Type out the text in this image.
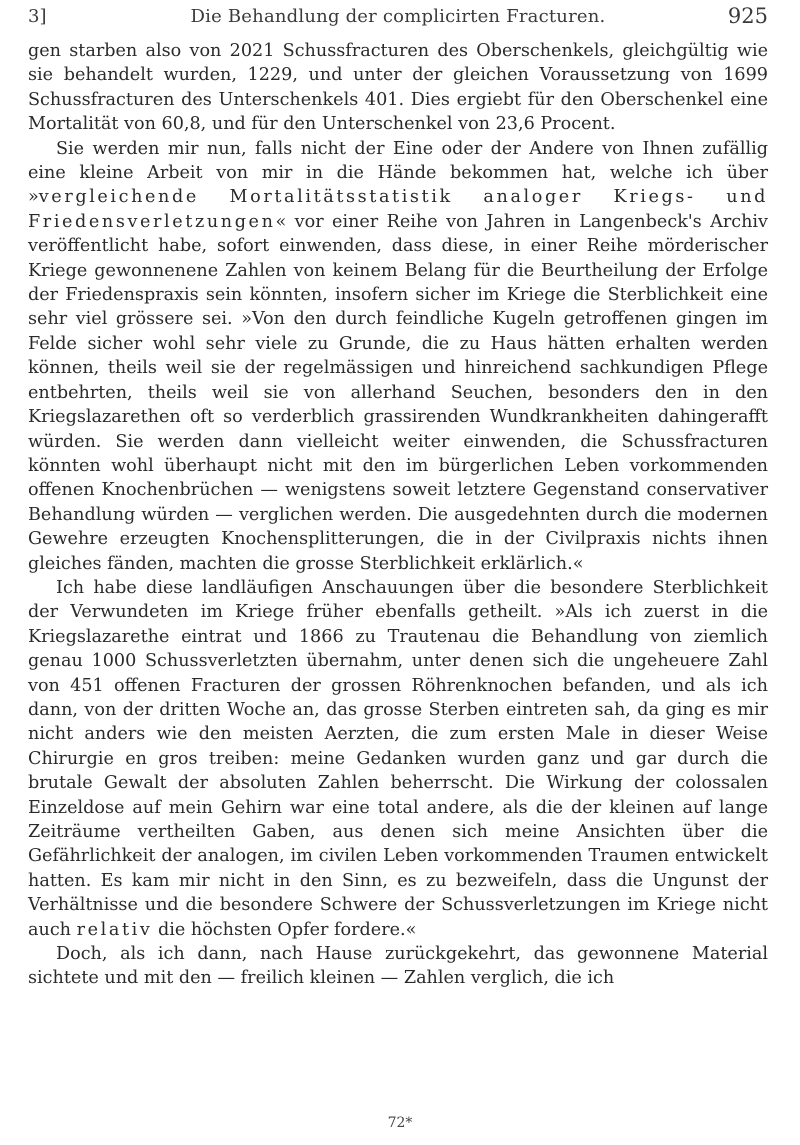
3]	Die Behandlung der complicirten Fracturen.	925

gen starben also von 2021 Schussfracturen des Oberschenkels, gleichgültig wie sie behandelt wurden, 1229, und unter der gleichen Voraussetzung von 1699 Schussfracturen des Unterschenkels 401. Dies ergiebt für den Oberschenkel eine Mortalität von 60,8, und für den Unterschenkel von 23,6 Procent.

Sie werden mir nun, falls nicht der Eine oder der Andere von Ihnen zufällig eine kleine Arbeit von mir in die Hände bekommen hat, welche ich über »vergleichende Mortalitätsstatistik analoger Kriegs- und Friedensverletzungen« vor einer Reihe von Jahren in Langenbeck's Archiv veröffentlicht habe, sofort einwenden, dass diese, in einer Reihe mörderischer Kriege gewonnenene Zahlen von keinem Belang für die Beurtheilung der Erfolge der Friedenspraxis sein könnten, insofern sicher im Kriege die Sterblichkeit eine sehr viel grössere sei. »Von den durch feindliche Kugeln getroffenen gingen im Felde sicher wohl sehr viele zu Grunde, die zu Haus hätten erhalten werden können, theils weil sie der regelmässigen und hinreichend sachkundigen Pflege entbehrten, theils weil sie von allerhand Seuchen, besonders den in den Kriegslazarethen oft so verderblich grassirenden Wundkrankheiten dahingerafft würden. Sie werden dann vielleicht weiter einwenden, die Schussfracturen könnten wohl überhaupt nicht mit den im bürgerlichen Leben vorkommenden offenen Knochenbrüchen — wenigstens soweit letztere Gegenstand conservativer Behandlung würden — verglichen werden. Die ausgedehnten durch die modernen Gewehre erzeugten Knochensplitterungen, die in der Civilpraxis nichts ihnen gleiches fänden, machten die grosse Sterblichkeit erklärlich.«

Ich habe diese landläufigen Anschauungen über die besondere Sterblichkeit der Verwundeten im Kriege früher ebenfalls getheilt. »Als ich zuerst in die Kriegslazarethe eintrat und 1866 zu Trautenau die Behandlung von ziemlich genau 1000 Schussverletzten übernahm, unter denen sich die ungeheuere Zahl von 451 offenen Fracturen der grossen Röhrenknochen befanden, und als ich dann, von der dritten Woche an, das grosse Sterben eintreten sah, da ging es mir nicht anders wie den meisten Aerzten, die zum ersten Male in dieser Weise Chirurgie en gros treiben: meine Gedanken wurden ganz und gar durch die brutale Gewalt der absoluten Zahlen beherrscht. Die Wirkung der colossalen Einzeldose auf mein Gehirn war eine total andere, als die der kleinen auf lange Zeiträume vertheilten Gaben, aus denen sich meine Ansichten über die Gefährlichkeit der analogen, im civilen Leben vorkommenden Traumen entwickelt hatten. Es kam mir nicht in den Sinn, es zu bezweifeln, dass die Ungunst der Verhältnisse und die besondere Schwere der Schussverletzungen im Kriege nicht auch relativ die höchsten Opfer fordere.«

Doch, als ich dann, nach Hause zurückgekehrt, das gewonnene Material sichtete und mit den — freilich kleinen — Zahlen verglich, die ich

72*
